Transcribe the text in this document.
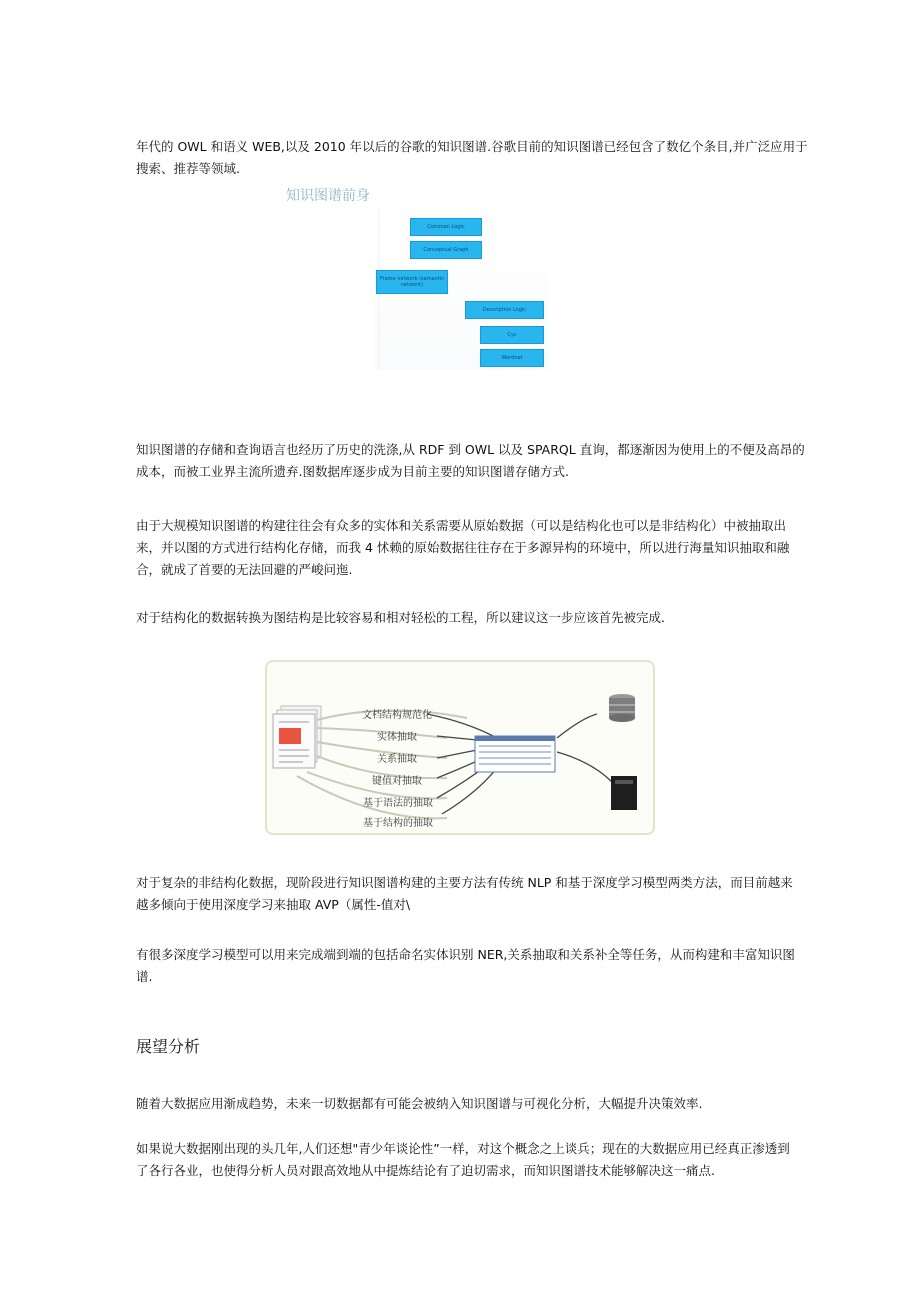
年代的 OWL 和语义 WEB,以及 2010 年以后的谷歌的知识图谱.谷歌目前的知识图谱已经包含了数亿个条目,并广泛应用于
搜索、推荐等领域.

知识图谱前身

Common Logic
Conceptual Graph
Frame network (semantic network)
Description Logic
Cyc
Wordnet
知识图谱的存储和查询语言也经历了历史的洗涤,从 RDF 到 OWL 以及 SPARQL 直询，都逐渐因为使用上的不便及高昂的
成本，而被工业界主流所遗弃.图数据库逐步成为目前主要的知识图谱存储方式.
由于大规模知识图谱的构建往往会有众多的实体和关系需要从原始数据（可以是结构化也可以是非结构化）中被抽取出
来，并以图的方式进行结构化存储，而我 4 怵赖的原始数据往往存在于多源异构的环境中，所以进行海量知识抽取和融
合，就成了首要的无法回避的严峻问迤.
对于结构化的数据转换为图结构是比较容易和相对轻松的工程，所以建议这一步应该首先被完成.
文档结构规范化
实体抽取
关系抽取
键值对抽取
基于语法的抽取
基于结构的抽取
对于复杂的非结构化数据，现阶段进行知识图谱构建的主要方法有传统 NLP 和基于深度学习模型两类方法，而目前越来
越多倾向于使用深度学习来抽取 AVP（属性-值对\
有很多深度学习模型可以用来完成端到端的包括命名实体识别 NER,关系抽取和关系补全等任务，从而构建和丰富知识图
谱.
展望分析
随着大数据应用渐成趋势，未来一切数据都有可能会被纳入知识图谱与可视化分析，大幅提升决策效率.
如果说大数据刚出现的头几年,人们还想"青少年谈论性”一样，对这个概念之上谈兵；现在的大数据应用已经真正渗透到
了各行各业，也使得分析人员对跟高效地从中提炼结论有了迫切需求，而知识图谱技术能够解决这一痛点.
